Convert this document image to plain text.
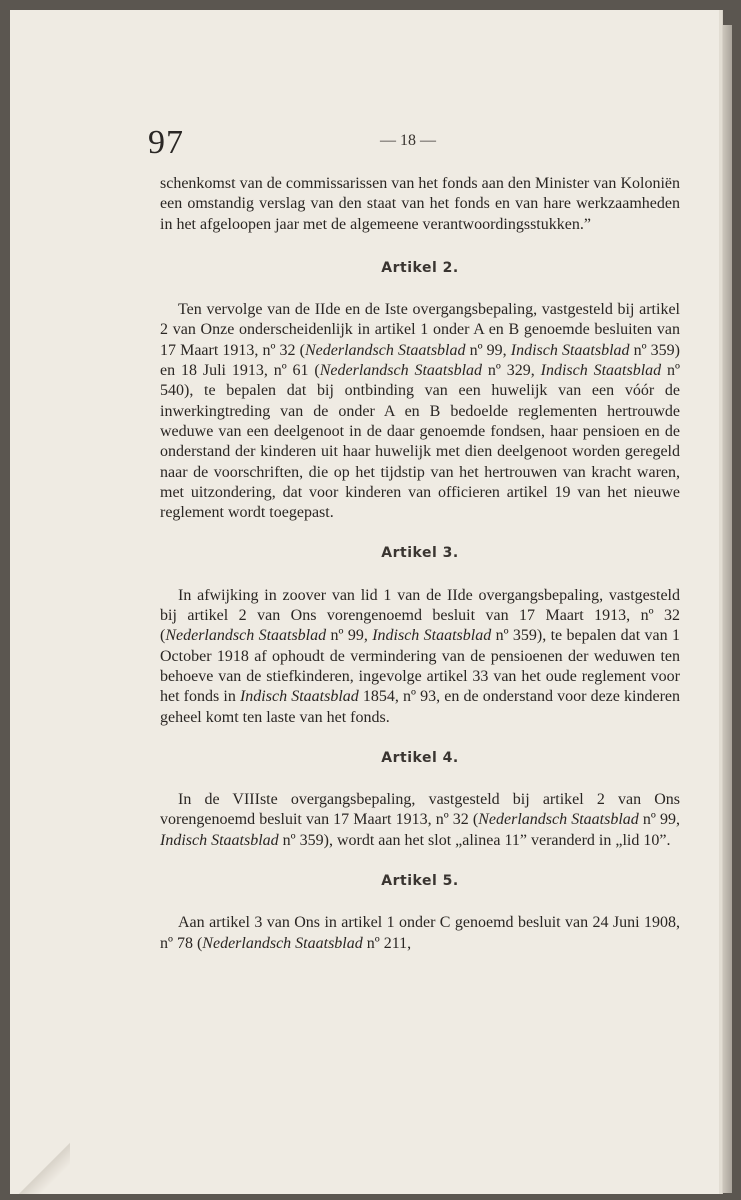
97	— 18 —

schenkomst van de commissarissen van het fonds aan den Minister van Koloniën een omstandig verslag van den staat van het fonds en van hare werkzaamheden in het afgeloopen jaar met de algemeene verantwoordingsstukken.”

Artikel 2.

Ten vervolge van de IIde en de Iste overgangsbepaling, vastgesteld bij artikel 2 van Onze onderscheidenlijk in artikel 1 onder A en B genoemde besluiten van 17 Maart 1913, nº 32 (Nederlandsch Staatsblad nº 99, Indisch Staatsblad nº 359) en 18 Juli 1913, nº 61 (Nederlandsch Staatsblad nº 329, Indisch Staatsblad nº 540), te bepalen dat bij ontbinding van een huwelijk van een vóór de inwerkingtreding van de onder A en B bedoelde reglementen hertrouwde weduwe van een deelgenoot in de daar genoemde fondsen, haar pensioen en de onderstand der kinderen uit haar huwelijk met dien deelgenoot worden geregeld naar de voorschriften, die op het tijdstip van het hertrouwen van kracht waren, met uitzondering, dat voor kinderen van officieren artikel 19 van het nieuwe reglement wordt toegepast.

Artikel 3.

In afwijking in zoover van lid 1 van de IIde overgangsbepaling, vastgesteld bij artikel 2 van Ons vorengenoemd besluit van 17 Maart 1913, nº 32 (Nederlandsch Staatsblad nº 99, Indisch Staatsblad nº 359), te bepalen dat van 1 October 1918 af ophoudt de vermindering van de pensioenen der weduwen ten behoeve van de stiefkinderen, ingevolge artikel 33 van het oude reglement voor het fonds in Indisch Staatsblad 1854, nº 93, en de onderstand voor deze kinderen geheel komt ten laste van het fonds.

Artikel 4.

In de VIIIste overgangsbepaling, vastgesteld bij artikel 2 van Ons vorengenoemd besluit van 17 Maart 1913, nº 32 (Nederlandsch Staatsblad nº 99, Indisch Staatsblad nº 359), wordt aan het slot „alinea 11” veranderd in „lid 10”.

Artikel 5.

Aan artikel 3 van Ons in artikel 1 onder C genoemd besluit van 24 Juni 1908, nº 78 (Nederlandsch Staatsblad nº 211,
